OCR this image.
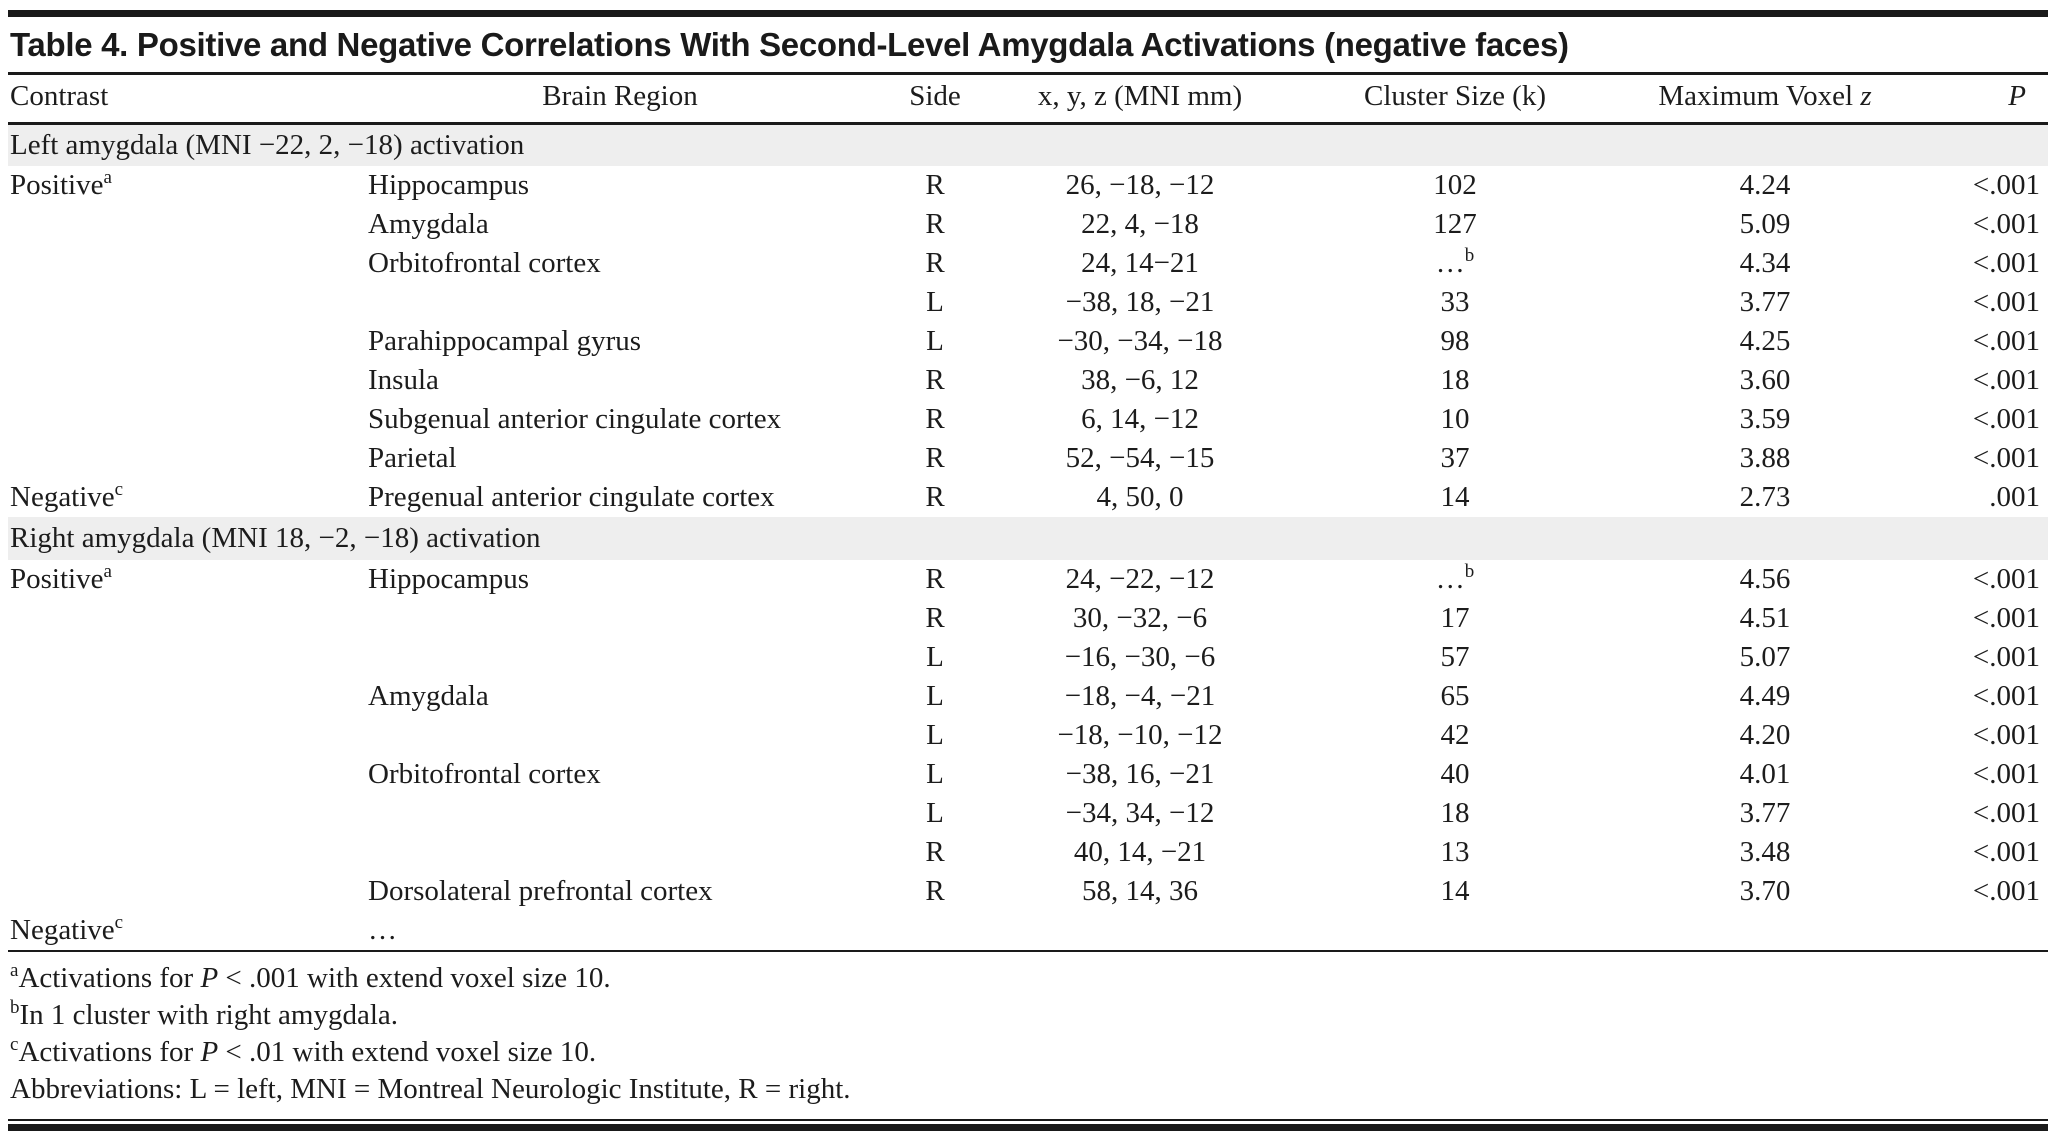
Table 4. Positive and Negative Correlations With Second-Level Amygdala Activations (negative faces)
Contrast	Brain Region	Side	x, y, z (MNI mm)	Cluster Size (k)	Maximum Voxel z	P
Left amygdala (MNI −22, 2, −18) activation						
Positive$^a$	Hippocampus	R	26, −18, −12	102	4.24	<.001
	Amygdala	R	22, 4, −18	127	5.09	<.001
	Orbitofrontal cortex	R	24, 14−21	…$^b$	4.34	<.001
		L	−38, 18, −21	33	3.77	<.001
	Parahippocampal gyrus	L	−30, −34, −18	98	4.25	<.001
	Insula	R	38, −6, 12	18	3.60	<.001
	Subgenual anterior cingulate cortex	R	6, 14, −12	10	3.59	<.001
	Parietal	R	52, −54, −15	37	3.88	<.001
Negative$^c$	Pregenual anterior cingulate cortex	R	4, 50, 0	14	2.73	.001
Right amygdala (MNI 18, −2, −18) activation						
Positive$^a$	Hippocampus	R	24, −22, −12	…$^b$	4.56	<.001
		R	30, −32, −6	17	4.51	<.001
		L	−16, −30, −6	57	5.07	<.001
	Amygdala	L	−18, −4, −21	65	4.49	<.001
		L	−18, −10, −12	42	4.20	<.001
	Orbitofrontal cortex	L	−38, 16, −21	40	4.01	<.001
		L	−34, 34, −12	18	3.77	<.001
		R	40, 14, −21	13	3.48	<.001
	Dorsolateral prefrontal cortex	R	58, 14, 36	14	3.70	<.001
Negative$^c$	…					
$^a$Activations for P < .001 with extend voxel size 10.
$^b$In 1 cluster with right amygdala.
$^c$Activations for P < .01 with extend voxel size 10.
Abbreviations: L = left, MNI = Montreal Neurologic Institute, R = right.
